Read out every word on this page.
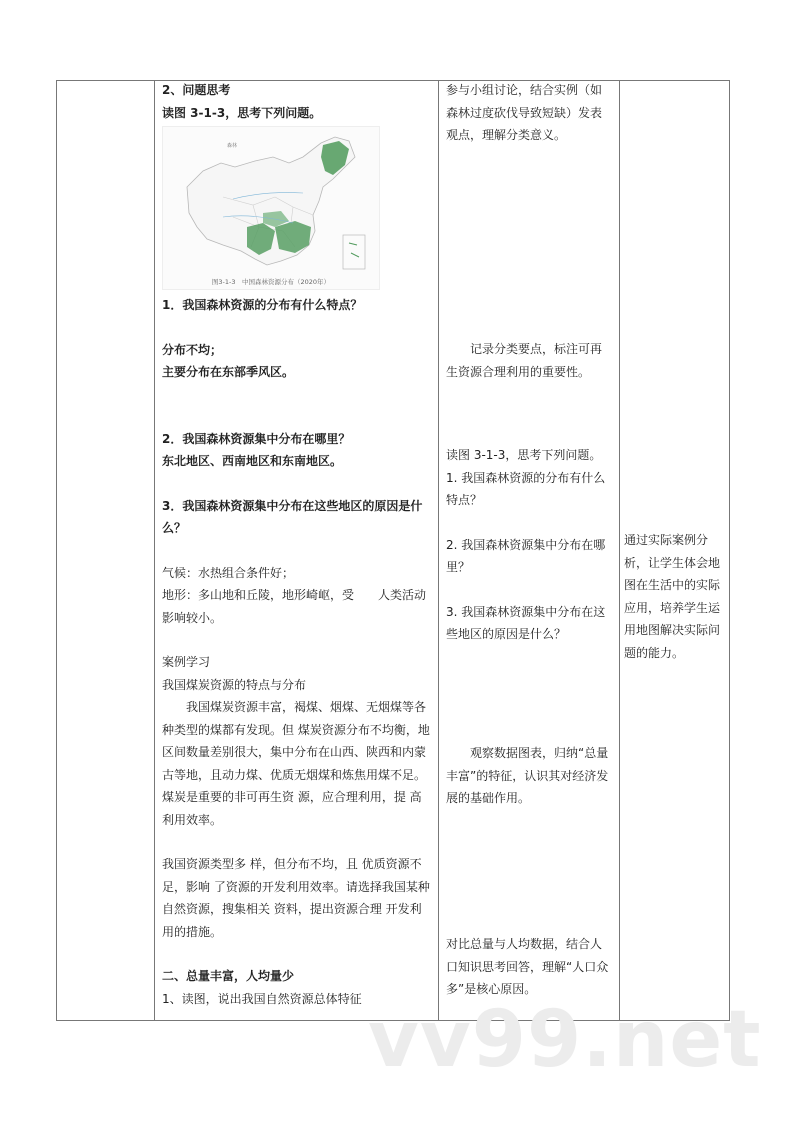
2、问题思考

读图 3-1-3，思考下列问题。

森林
图3-1-3　中国森林资源分布（2020年）

1．我国森林资源的分布有什么特点？

分布不均；

主要分布在东部季风区。

2．我国森林资源集中分布在哪里？

东北地区、西南地区和东南地区。

3．我国森林资源集中分布在这些地区的原因是什么？

气候：水热组合条件好；

地形：多山地和丘陵，地形崎岖，受　　人类活动影响较小。

案例学习

我国煤炭资源的特点与分布

我国煤炭资源丰富，褐煤、烟煤、无烟煤等各种类型的煤都有发现。但 煤炭资源分布不均衡，地区间数量差别很大，集中分布在山西、陕西和内蒙古等地，且动力煤、优质无烟煤和炼焦用煤不足。煤炭是重要的非可再生资 源，应合理利用，提 高利用效率。

我国资源类型多 样，但分布不均，且 优质资源不足，影响 了资源的开发利用效率。请选择我国某种自然资源，搜集相关 资料，提出资源合理 开发利用的措施。

二、总量丰富，人均量少

1、读图，说出我国自然资源总体特征

参与小组讨论，结合实例（如森林过度砍伐导致短缺）发表观点，理解分类意义。

记录分类要点，标注可再生资源合理利用的重要性。

读图 3-1-3，思考下列问题。

1. 我国森林资源的分布有什么特点？

2. 我国森林资源集中分布在哪里？

3. 我国森林资源集中分布在这些地区的原因是什么？

观察数据图表，归纳“总量丰富”的特征，认识其对经济发展的基础作用。

对比总量与人均数据，结合人口知识思考回答，理解“人口众多”是核心原因。

通过实际案例分析，让学生体会地图在生活中的实际应用，培养学生运用地图解决实际问题的能力。

vv99.net
